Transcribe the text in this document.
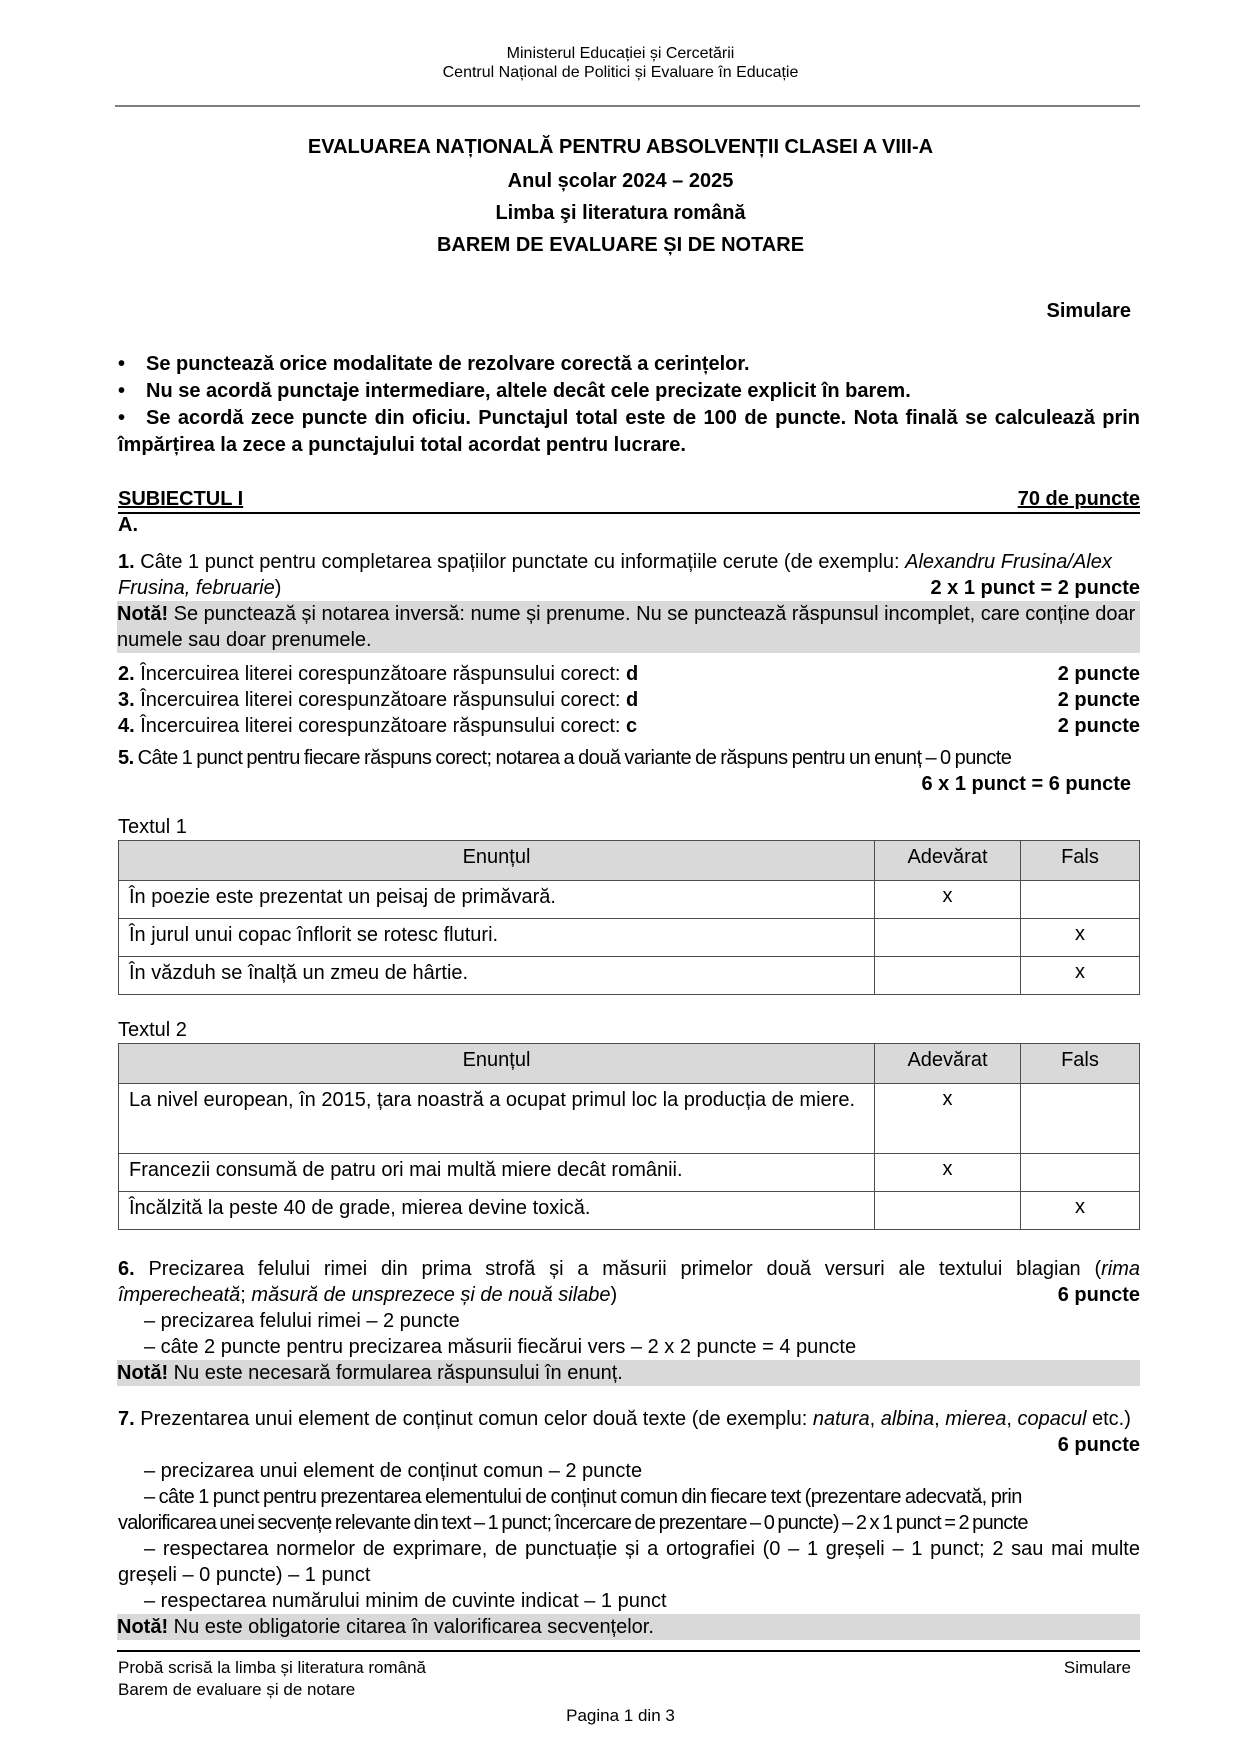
Ministerul Educației și Cercetării
Centrul Național de Politici și Evaluare în Educație
EVALUAREA NAȚIONALĂ PENTRU ABSOLVENȚII CLASEI A VIII-A
Anul școlar 2024 – 2025
Limba şi literatura română
BAREM DE EVALUARE ȘI DE NOTARE
Simulare
• Se punctează orice modalitate de rezolvare corectă a cerințelor.
• Nu se acordă punctaje intermediare, altele decât cele precizate explicit în barem.
• Se acordă zece puncte din oficiu. Punctajul total este de 100 de puncte. Nota finală se calculează prin împărțirea la zece a punctajului total acordat pentru lucrare.
SUBIECTUL I	70 de puncte
A.
1. Câte 1 punct pentru completarea spațiilor punctate cu informațiile cerute (de exemplu: Alexandru Frusina/Alex Frusina, februarie)	2 x 1 punct = 2 puncte
Notă! Se punctează și notarea inversă: nume și prenume. Nu se punctează răspunsul incomplet, care conține doar numele sau doar prenumele.
2. Încercuirea literei corespunzătoare răspunsului corect: d	2 puncte
3. Încercuirea literei corespunzătoare răspunsului corect: d	2 puncte
4. Încercuirea literei corespunzătoare răspunsului corect: c	2 puncte
5. Câte 1 punct pentru fiecare răspuns corect; notarea a două variante de răspuns pentru un enunț – 0 puncte
6 x 1 punct = 6 puncte
Textul 1
Enunțul	Adevărat	Fals
În poezie este prezentat un peisaj de primăvară.	x	
În jurul unui copac înflorit se rotesc fluturi.		x
În văzduh se înalță un zmeu de hârtie.		x
Textul 2
Enunțul	Adevărat	Fals
La nivel european, în 2015, țara noastră a ocupat primul loc la producția de miere.	x	
Francezii consumă de patru ori mai multă miere decât românii.	x	
Încălzită la peste 40 de grade, mierea devine toxică.		x
6. Precizarea felului rimei din prima strofă și a măsurii primelor două versuri ale textului blagian (rima împerecheată; măsură de unsprezece și de nouă silabe)	6 puncte
– precizarea felului rimei – 2 puncte
– câte 2 puncte pentru precizarea măsurii fiecărui vers – 2 x 2 puncte = 4 puncte
Notă! Nu este necesară formularea răspunsului în enunț.
7. Prezentarea unui element de conținut comun celor două texte (de exemplu: natura, albina, mierea, copacul etc.)
6 puncte
– precizarea unui element de conținut comun – 2 puncte
– câte 1 punct pentru prezentarea elementului de conținut comun din fiecare text (prezentare adecvată, prin
valorificarea unei secvențe relevante din text – 1 punct; încercare de prezentare – 0 puncte) – 2 x 1 punct = 2 puncte
– respectarea normelor de exprimare, de punctuație și a ortografiei (0 – 1 greșeli – 1 punct; 2 sau mai multe greșeli – 0 puncte) – 1 punct
– respectarea numărului minim de cuvinte indicat – 1 punct
Notă! Nu este obligatorie citarea în valorificarea secvențelor.
Probă scrisă la limba și literatura română
Barem de evaluare și de notare
Simulare
Pagina 1 din 3
